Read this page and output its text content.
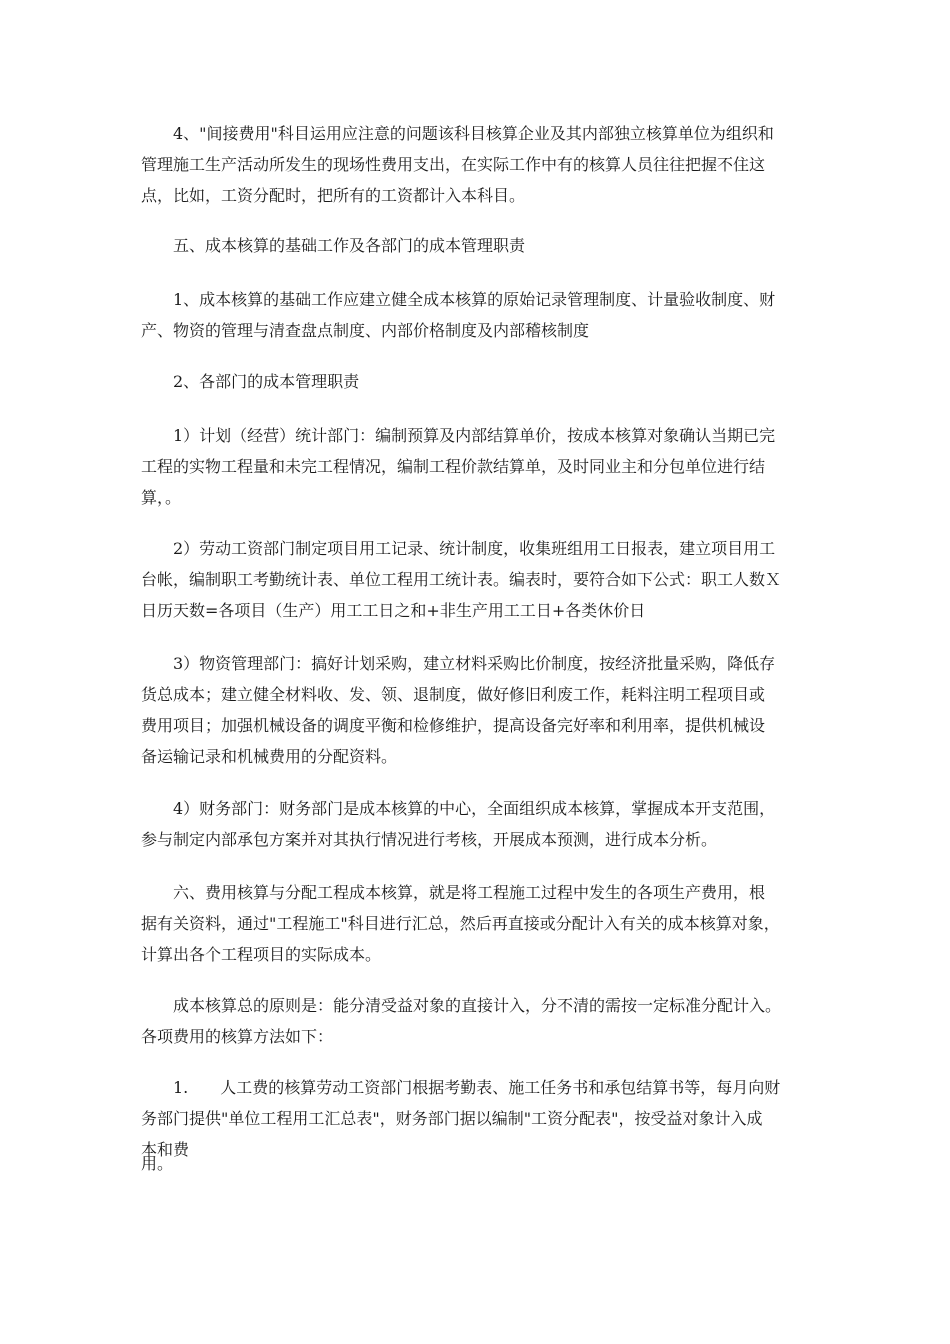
4、"间接费用"科目运用应注意的问题该科目核算企业及其内部独立核算单位为组织和
管理施工生产活动所发生的现场性费用支出，在实际工作中有的核算人员往往把握不住这
点，比如，工资分配时，把所有的工资都计入本科目。

五、成本核算的基础工作及各部门的成本管理职责

1、成本核算的基础工作应建立健全成本核算的原始记录管理制度、计量验收制度、财
产、物资的管理与清查盘点制度、内部价格制度及内部稽核制度

2、各部门的成本管理职责

1）计划（经营）统计部门：编制预算及内部结算单价，按成本核算对象确认当期已完
工程的实物工程量和未完工程情况，编制工程价款结算单，及时同业主和分包单位进行结
算，。

2）劳动工资部门制定项目用工记录、统计制度，收集班组用工日报表，建立项目用工
台帐，编制职工考勤统计表、单位工程用工统计表。编表时，要符合如下公式：职工人数Ｘ
日历天数=各项目（生产）用工工日之和+非生产用工工日+各类休价日

3）物资管理部门：搞好计划采购，建立材料采购比价制度，按经济批量采购，降低存
货总成本；建立健全材料收、发、领、退制度，做好修旧利废工作，耗料注明工程项目或
费用项目；加强机械设备的调度平衡和检修维护，提高设备完好率和利用率，提供机械设
备运输记录和机械费用的分配资料。

4）财务部门：财务部门是成本核算的中心，全面组织成本核算，掌握成本开支范围，
参与制定内部承包方案并对其执行情况进行考核，开展成本预测，进行成本分析。

六、费用核算与分配工程成本核算，就是将工程施工过程中发生的各项生产费用，根
据有关资料，通过"工程施工"科目进行汇总，然后再直接或分配计入有关的成本核算对象，
计算出各个工程项目的实际成本。

成本核算总的原则是：能分清受益对象的直接计入，分不清的需按一定标准分配计入。
各项费用的核算方法如下：

1.　　人工费的核算劳动工资部门根据考勤表、施工任务书和承包结算书等，每月向财
务部门提供"单位工程用工汇总表"，财务部门据以编制"工资分配表"，按受益对象计入成
本和费

用。
